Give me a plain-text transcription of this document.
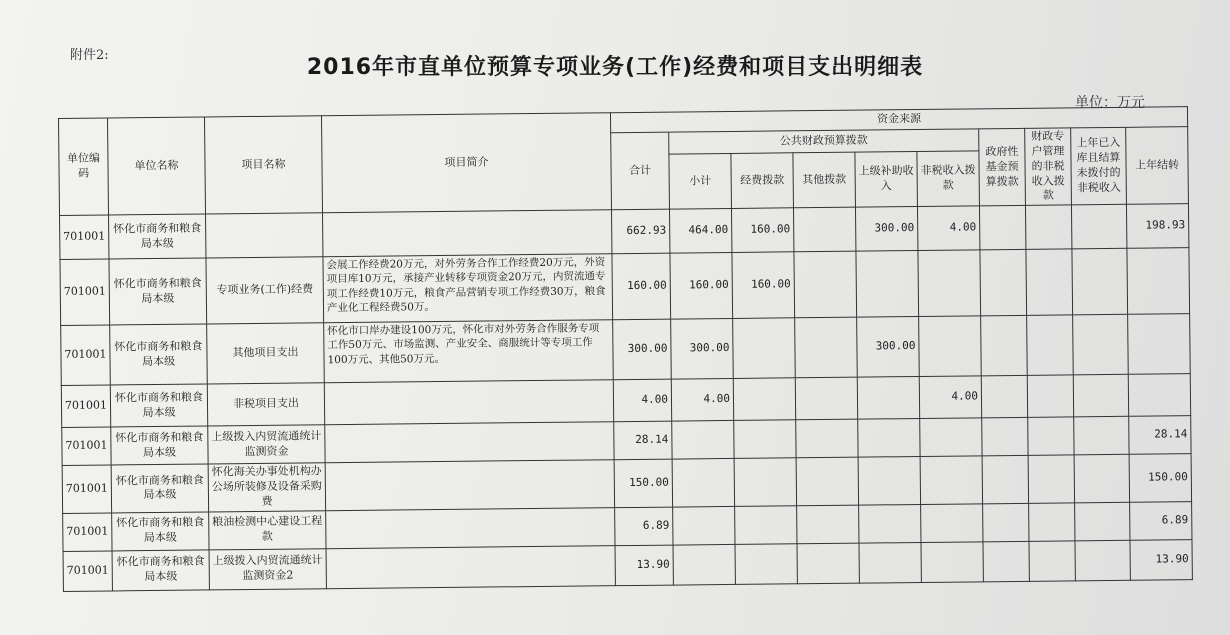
附件2:	2016年市直单位预算专项业务(工作)经费和项目支出明细表
单位：万元
单位编码	单位名称	项目名称	项目简介	资金来源									
				合计	公共财政预算拨款					政府性基金预算拨款	财政专户管理的非税收入拨款	上年已入库且结算未拨付的非税收入	上年结转
					小计	经费拨款	其他拨款	上级补助收入	非税收入拨款				
701001	怀化市商务和粮食局本级			662.93	464.00	160.00		300.00	4.00				198.93
701001	怀化市商务和粮食局本级	专项业务(工作)经费	会展工作经费20万元，对外劳务合作工作经费20万元，外资项目库10万元，承接产业转移专项资金20万元，内贸流通专项工作经费10万元，粮食产品营销专项工作经费30万，粮食产业化工程经费50万。	160.00	160.00	160.00							
701001	怀化市商务和粮食局本级	其他项目支出	怀化市口岸办建设100万元，怀化市对外劳务合作服务专项工作50万元、市场监测、产业安全、商服统计等专项工作100万元、其他50万元。	300.00	300.00			300.00					
701001	怀化市商务和粮食局本级	非税项目支出		4.00	4.00				4.00				
701001	怀化市商务和粮食局本级	上级拨入内贸流通统计监测资金		28.14									28.14
701001	怀化市商务和粮食局本级	怀化海关办事处机构办公场所装修及设备采购费		150.00									150.00
701001	怀化市商务和粮食局本级	粮油检测中心建设工程款		6.89									6.89
701001	怀化市商务和粮食局本级	上级拨入内贸流通统计监测资金2		13.90									13.90
